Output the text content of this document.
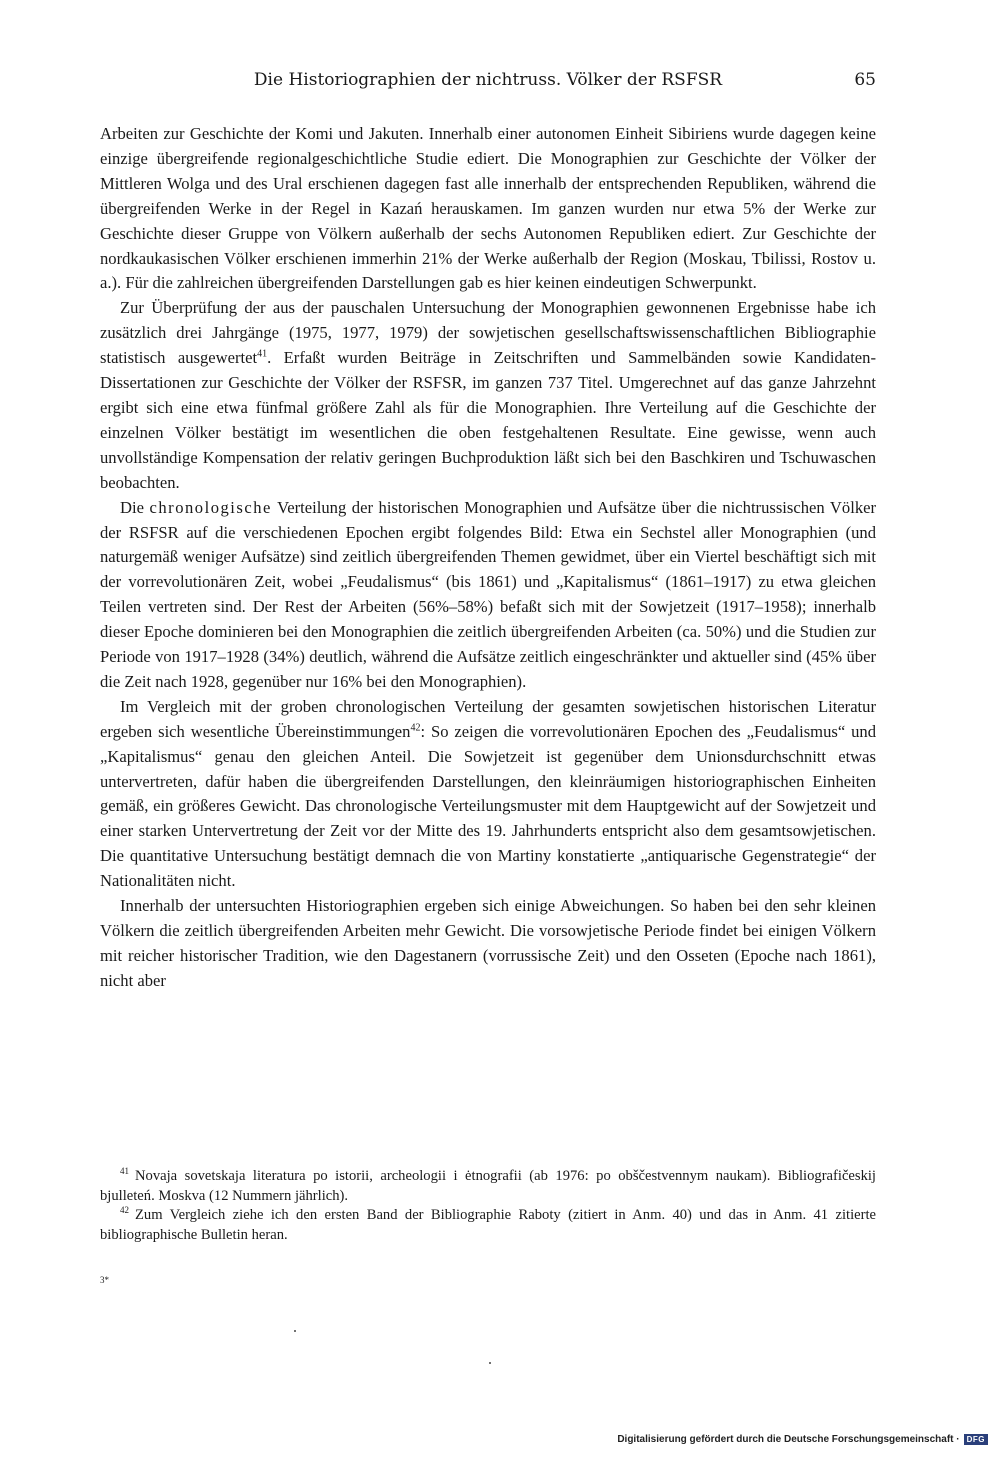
Die Historiographien der nichtruss. Völker der RSFSR	65

Arbeiten zur Geschichte der Komi und Jakuten. Innerhalb einer autonomen Einheit Sibiriens wurde dagegen keine einzige übergreifende regionalgeschichtliche Studie ediert. Die Monographien zur Geschichte der Völker der Mittleren Wolga und des Ural erschienen dagegen fast alle innerhalb der entsprechenden Republiken, während die übergreifenden Werke in der Regel in Kazań herauskamen. Im ganzen wurden nur etwa 5% der Werke zur Geschichte dieser Gruppe von Völkern außerhalb der sechs Autonomen Republiken ediert. Zur Geschichte der nordkaukasischen Völker erschienen immerhin 21% der Werke außerhalb der Region (Moskau, Tbilissi, Rostov u. a.). Für die zahlreichen übergreifenden Darstellungen gab es hier keinen eindeutigen Schwerpunkt.

Zur Überprüfung der aus der pauschalen Untersuchung der Monographien gewonnenen Ergebnisse habe ich zusätzlich drei Jahrgänge (1975, 1977, 1979) der sowjetischen gesellschaftswissenschaftlichen Bibliographie statistisch ausgewertet$^{41}$. Erfaßt wurden Beiträge in Zeitschriften und Sammelbänden sowie Kandidaten-Dissertationen zur Geschichte der Völker der RSFSR, im ganzen 737 Titel. Umgerechnet auf das ganze Jahrzehnt ergibt sich eine etwa fünfmal größere Zahl als für die Monographien. Ihre Verteilung auf die Geschichte der einzelnen Völker bestätigt im wesentlichen die oben festgehaltenen Resultate. Eine gewisse, wenn auch unvollständige Kompensation der relativ geringen Buchproduktion läßt sich bei den Baschkiren und Tschuwaschen beobachten.

Die chronologische Verteilung der historischen Monographien und Aufsätze über die nichtrussischen Völker der RSFSR auf die verschiedenen Epochen ergibt folgendes Bild: Etwa ein Sechstel aller Monographien (und naturgemäß weniger Aufsätze) sind zeitlich übergreifenden Themen gewidmet, über ein Viertel beschäftigt sich mit der vorrevolutionären Zeit, wobei „Feudalismus“ (bis 1861) und „Kapitalismus“ (1861–1917) zu etwa gleichen Teilen vertreten sind. Der Rest der Arbeiten (56%–58%) befaßt sich mit der Sowjetzeit (1917–1958); innerhalb dieser Epoche dominieren bei den Monographien die zeitlich übergreifenden Arbeiten (ca. 50%) und die Studien zur Periode von 1917–1928 (34%) deutlich, während die Aufsätze zeitlich eingeschränkter und aktueller sind (45% über die Zeit nach 1928, gegenüber nur 16% bei den Monographien).

Im Vergleich mit der groben chronologischen Verteilung der gesamten sowjetischen historischen Literatur ergeben sich wesentliche Übereinstimmungen$^{42}$: So zeigen die vorrevolutionären Epochen des „Feudalismus“ und „Kapitalismus“ genau den gleichen Anteil. Die Sowjetzeit ist gegenüber dem Unionsdurchschnitt etwas untervertreten, dafür haben die übergreifenden Darstellungen, den kleinräumigen historiographischen Einheiten gemäß, ein größeres Gewicht. Das chronologische Verteilungsmuster mit dem Hauptgewicht auf der Sowjetzeit und einer starken Untervertretung der Zeit vor der Mitte des 19. Jahrhunderts entspricht also dem gesamtsowjetischen. Die quantitative Untersuchung bestätigt demnach die von Martiny konstatierte „antiquarische Gegenstrategie“ der Nationalitäten nicht.

Innerhalb der untersuchten Historiographien ergeben sich einige Abweichungen. So haben bei den sehr kleinen Völkern die zeitlich übergreifenden Arbeiten mehr Gewicht. Die vorsowjetische Periode findet bei einigen Völkern mit reicher historischer Tradition, wie den Dagestanern (vorrussische Zeit) und den Osseten (Epoche nach 1861), nicht aber

$^{41}$ Novaja sovetskaja literatura po istorii, archeologii i ėtnografii (ab 1976: po obščestvennym naukam). Bibliografičeskij bjulleteń. Moskva (12 Nummern jährlich).

$^{42}$ Zum Vergleich ziehe ich den ersten Band der Bibliographie Raboty (zitiert in Anm. 40) und das in Anm. 41 zitierte bibliographische Bulletin heran.

3*
Digitalisierung gefördert durch die Deutsche Forschungsgemeinschaft · DFG
